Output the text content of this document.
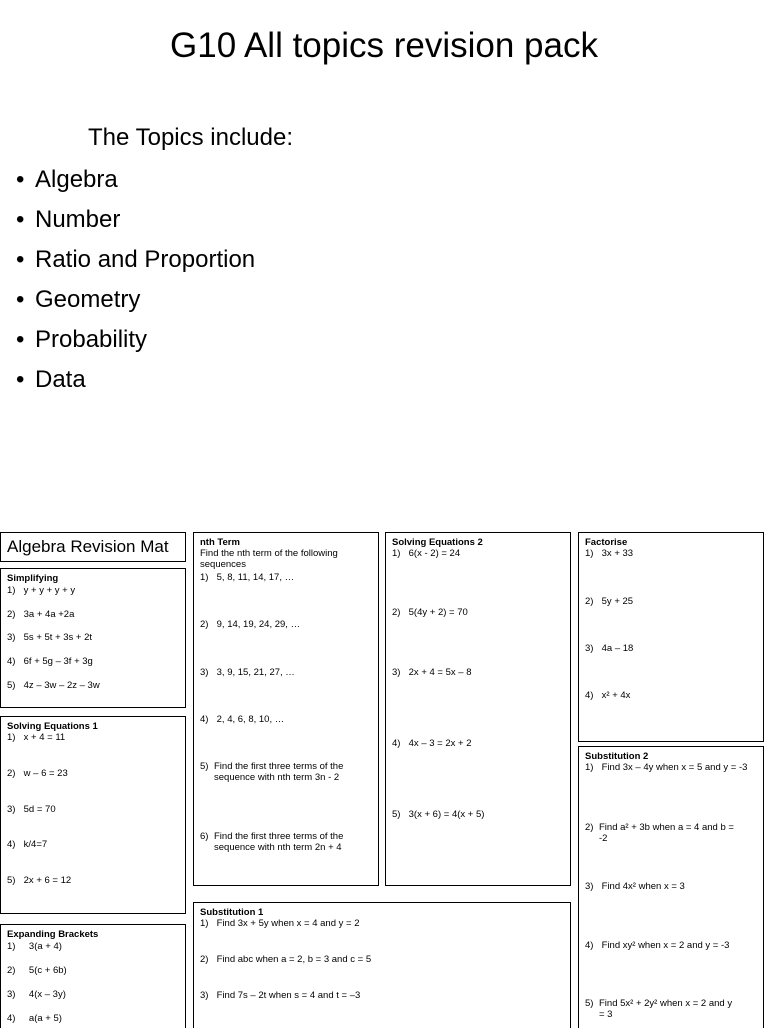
G10 All topics revision pack
The Topics include:
• Algebra
• Number
• Ratio and Proportion
• Geometry
• Probability
• Data
Algebra Revision Mat
Simplifying
1) y + y + y + y
2) 3a + 4a +2a
3) 5s + 5t + 3s + 2t
4) 6f + 5g – 3f + 3g
5) 4z – 3w – 2z – 3w
Solving Equations 1
1) x + 4 = 11
2) w – 6 = 23
3) 5d = 70
4) k/4=7
5) 2x + 6 = 12
Expanding Brackets
1) 3(a + 4)
2) 5(c + 6b)
3) 4(x – 3y)
4) a(a + 5)
nth Term
Find the nth term of the following sequences
1) 5, 8, 11, 14, 17, …
2) 9, 14, 19, 24, 29, …
3) 3, 9, 15, 21, 27, …
4) 2, 4, 6, 8, 10, …
5) Find the first three terms of the sequence with nth term 3n - 2
6) Find the first three terms of the sequence with nth term 2n + 4
Substitution 1
1) Find 3x + 5y when x = 4 and y = 2
2) Find abc when a = 2, b = 3 and c = 5
3) Find 7s – 2t when s = 4 and t = –3
Solving Equations 2
1) 6(x - 2) = 24
2) 5(4y + 2) = 70
3) 2x + 4 = 5x – 8
4) 4x – 3 = 2x + 2
5) 3(x + 6) = 4(x + 5)
Factorise
1) 3x + 33
2) 5y + 25
3) 4a – 18
4) x² + 4x
Substitution 2
1) Find 3x – 4y when x = 5 and y = -3
2) Find a² + 3b when a = 4 and b = -2
3) Find 4x² when x = 3
4) Find xy² when x = 2 and y = -3
5) Find 5x² + 2y² when x = 2 and y = 3
